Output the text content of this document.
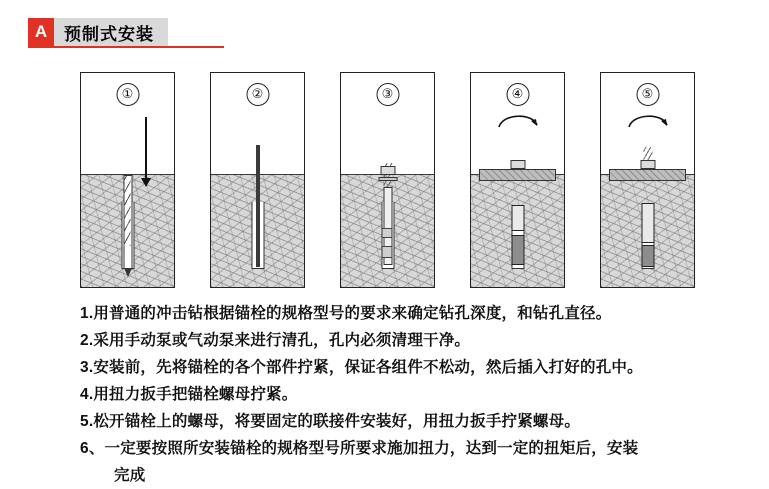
A 预制式安装
①	②	③	④	⑤
1.用普通的冲击钻根据锚栓的规格型号的要求来确定钻孔深度，和钻孔直径。
2.采用手动泵或气动泵来进行清孔，孔内必须清理干净。
3.安装前，先将锚栓的各个部件拧紧，保证各组件不松动，然后插入打好的孔中。
4.用扭力扳手把锚栓螺母拧紧。
5.松开锚栓上的螺母，将要固定的联接件安装好，用扭力扳手拧紧螺母。
6、一定要按照所安装锚栓的规格型号所要求施加扭力，达到一定的扭矩后，安装
完成
